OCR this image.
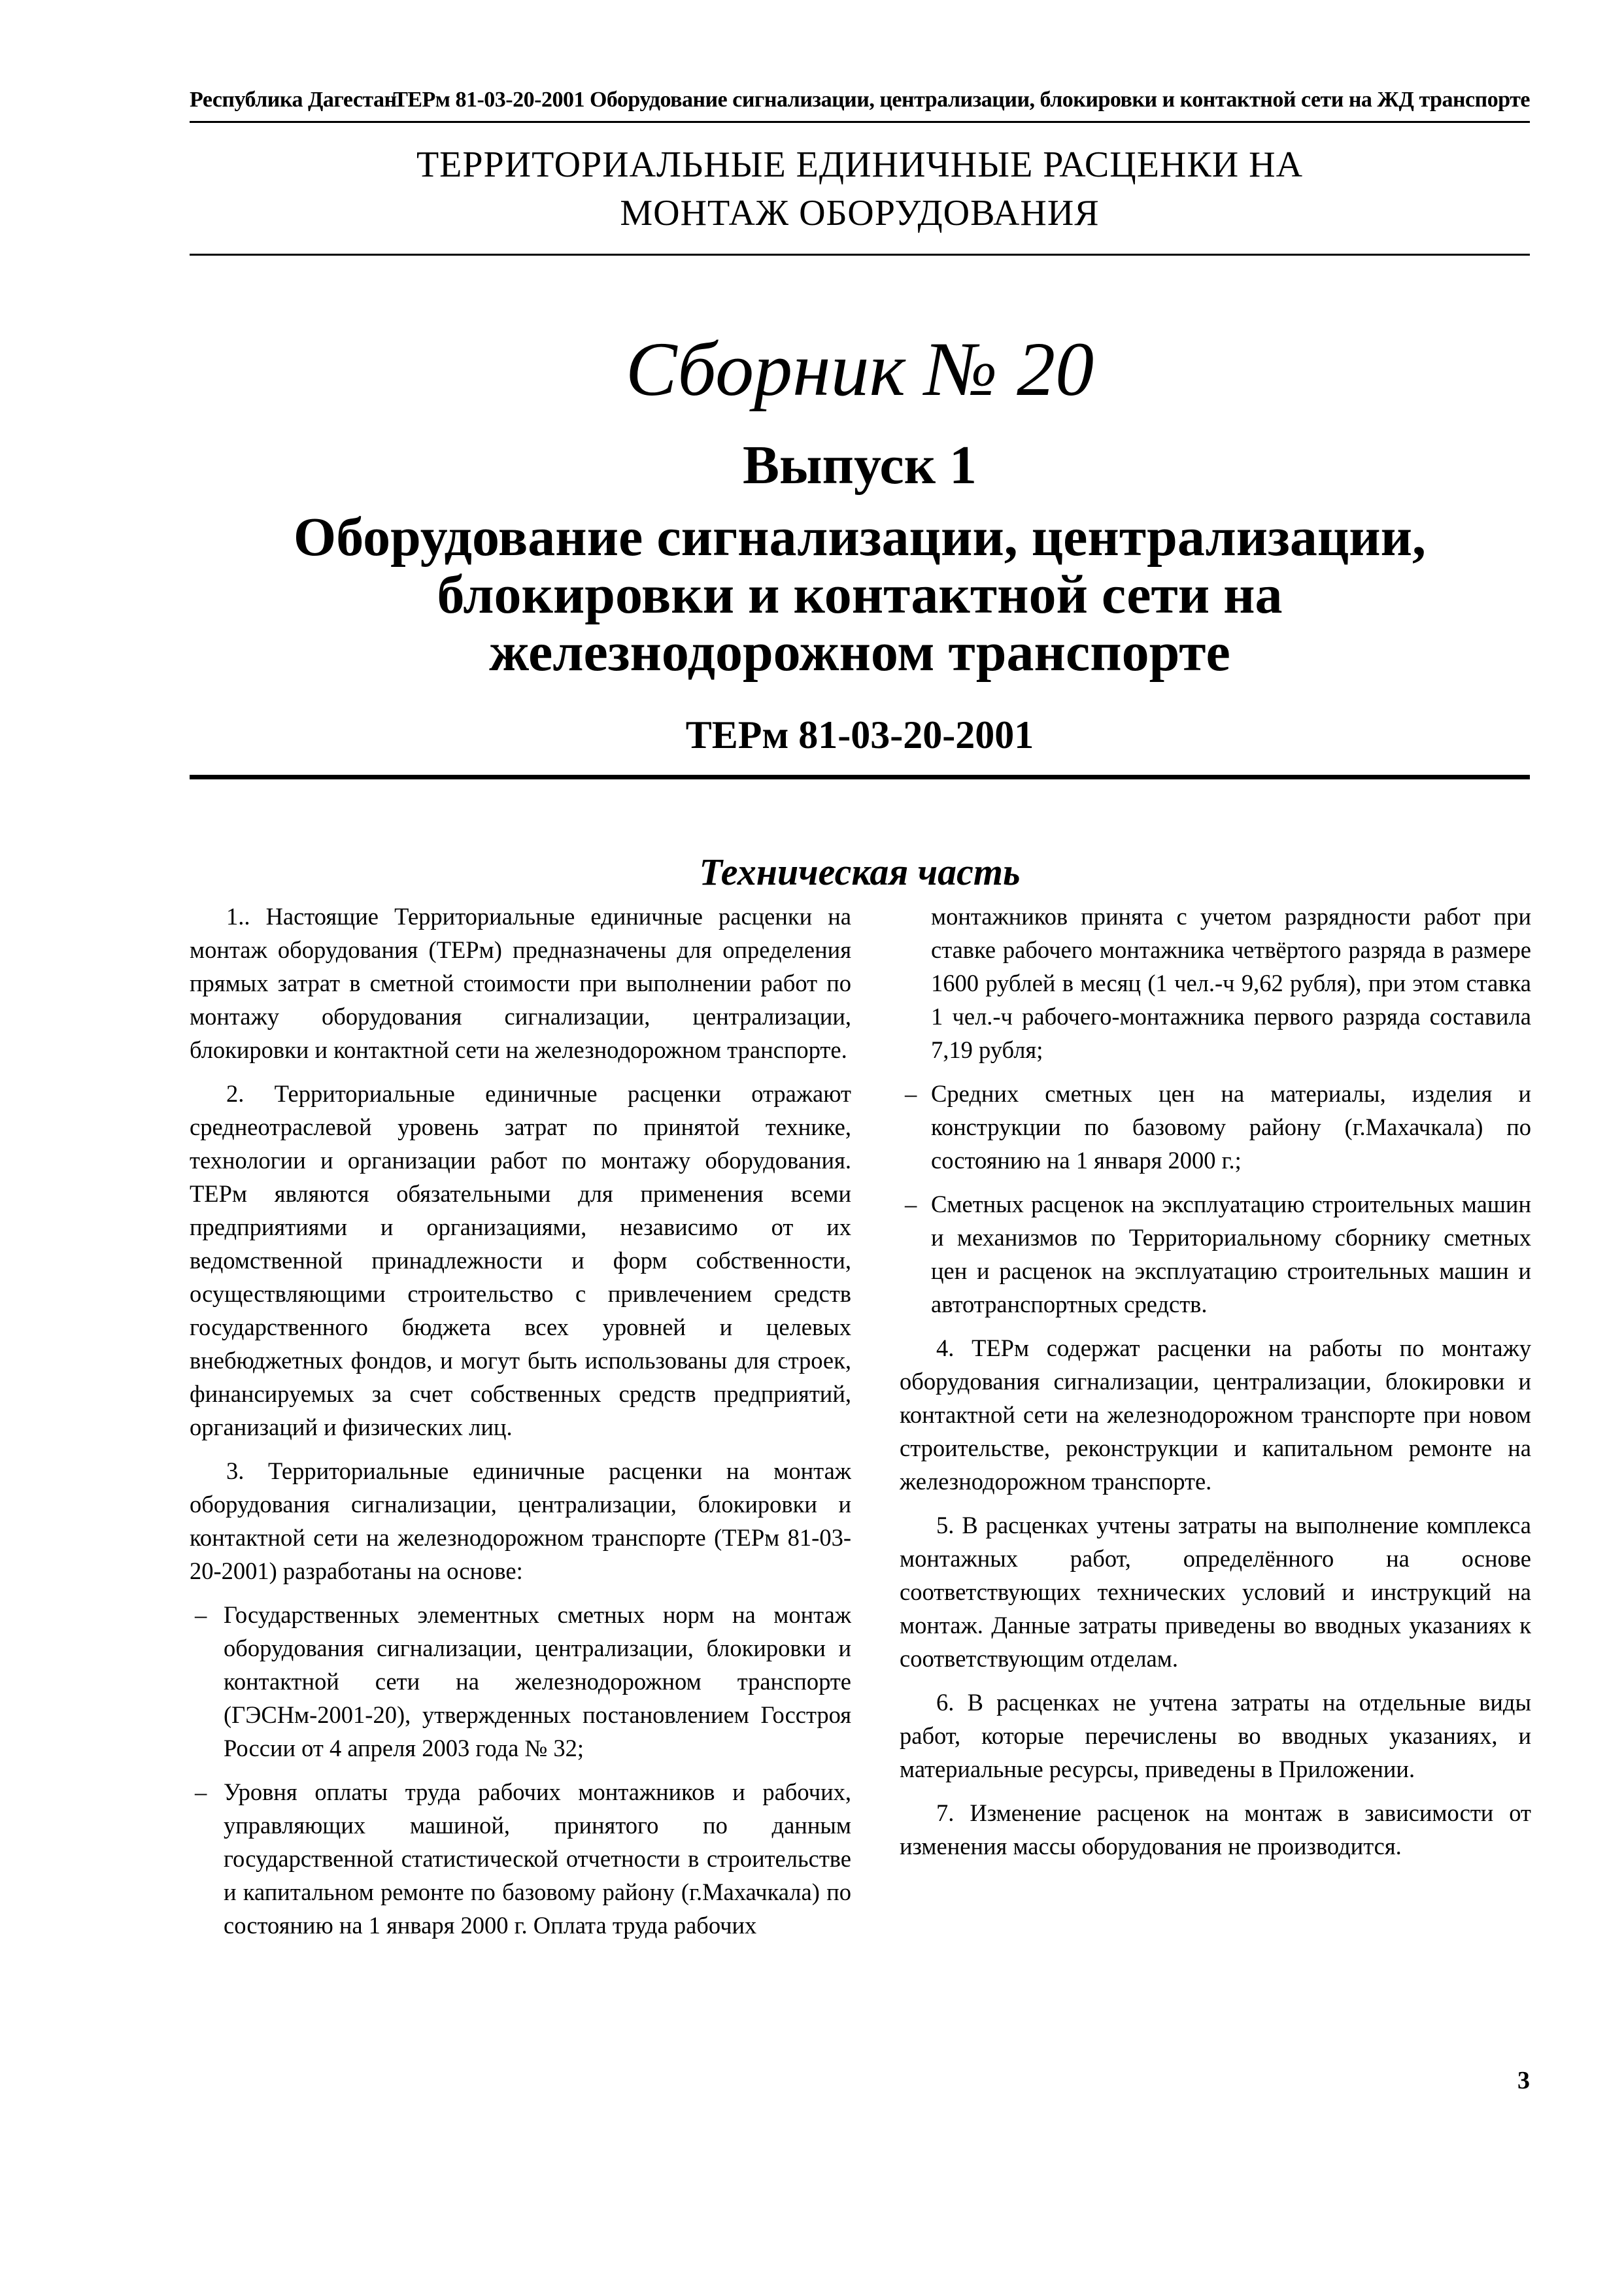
Республика Дагестан
ТЕРм 81-03-20-2001 Оборудование сигнализации, централизации, блокировки и контактной сети на ЖД транспорте
ТЕРРИТОРИАЛЬНЫЕ ЕДИНИЧНЫЕ РАСЦЕНКИ НА
МОНТАЖ ОБОРУДОВАНИЯ
Сборник № 20
Выпуск 1
Оборудование сигнализации, централизации,
блокировки и контактной сети на
железнодорожном транспорте
ТЕРм 81-03-20-2001
Техническая часть

1.. Настоящие Территориальные единичные расценки на монтаж оборудования (ТЕРм) предназначены для определения прямых затрат в сметной стоимости при выполнении работ по монтажу оборудования сигнализации, централизации, блокировки и контактной сети на железнодорожном транспорте.

2. Территориальные единичные расценки отражают среднеотраслевой уровень затрат по принятой технике, технологии и организации работ по монтажу оборудования. ТЕРм являются обязательными для применения всеми предприятиями и организациями, независимо от их ведомственной принадлежности и форм собственности, осуществляющими строительство с привлечением средств государственного бюджета всех уровней и целевых внебюджетных фондов, и могут быть использованы для строек, финансируемых за счет собственных средств предприятий, организаций и физических лиц.

3. Территориальные единичные расценки на монтаж оборудования сигнализации, централизации, блокировки и контактной сети на железнодорожном транспорте (ТЕРм 81-03-20-2001) разработаны на основе:

– Государственных элементных сметных норм на монтаж оборудования сигнализации, централизации, блокировки и контактной сети на железнодорожном транспорте (ГЭСНм-2001-20), утвержденных постановлением Госстроя России от 4 апреля 2003 года № 32;
– Уровня оплаты труда рабочих монтажников и рабочих, управляющих машиной, принятого по данным государственной статистической отчетности в строительстве и капитальном ремонте по базовому району (г.Махачкала) по состоянию на 1 января 2000 г. Оплата труда рабочих

монтажников принята с учетом разрядности работ при ставке рабочего монтажника четвёртого разряда в размере 1600 рублей в месяц (1 чел.-ч 9,62 рубля), при этом ставка 1 чел.-ч рабочего-монтажника первого разряда составила 7,19 рубля;

– Средних сметных цен на материалы, изделия и конструкции по базовому району (г.Махачкала) по состоянию на 1 января 2000 г.;
– Сметных расценок на эксплуатацию строительных машин и механизмов по Территориальному сборнику сметных цен и расценок на эксплуатацию строительных машин и автотранспортных средств.

4. ТЕРм содержат расценки на работы по монтажу оборудования сигнализации, централизации, блокировки и контактной сети на железнодорожном транспорте при новом строительстве, реконструкции и капитальном ремонте на железнодорожном транспорте.

5. В расценках учтены затраты на выполнение комплекса монтажных работ, определённого на основе соответствующих технических условий и инструкций на монтаж. Данные затраты приведены во вводных указаниях к соответствующим отделам.

6. В расценках не учтена затраты на отдельные виды работ, которые перечислены во вводных указаниях, и материальные ресурсы, приведены в Приложении.

7. Изменение расценок на монтаж в зависимости от изменения массы оборудования не производится.

3
